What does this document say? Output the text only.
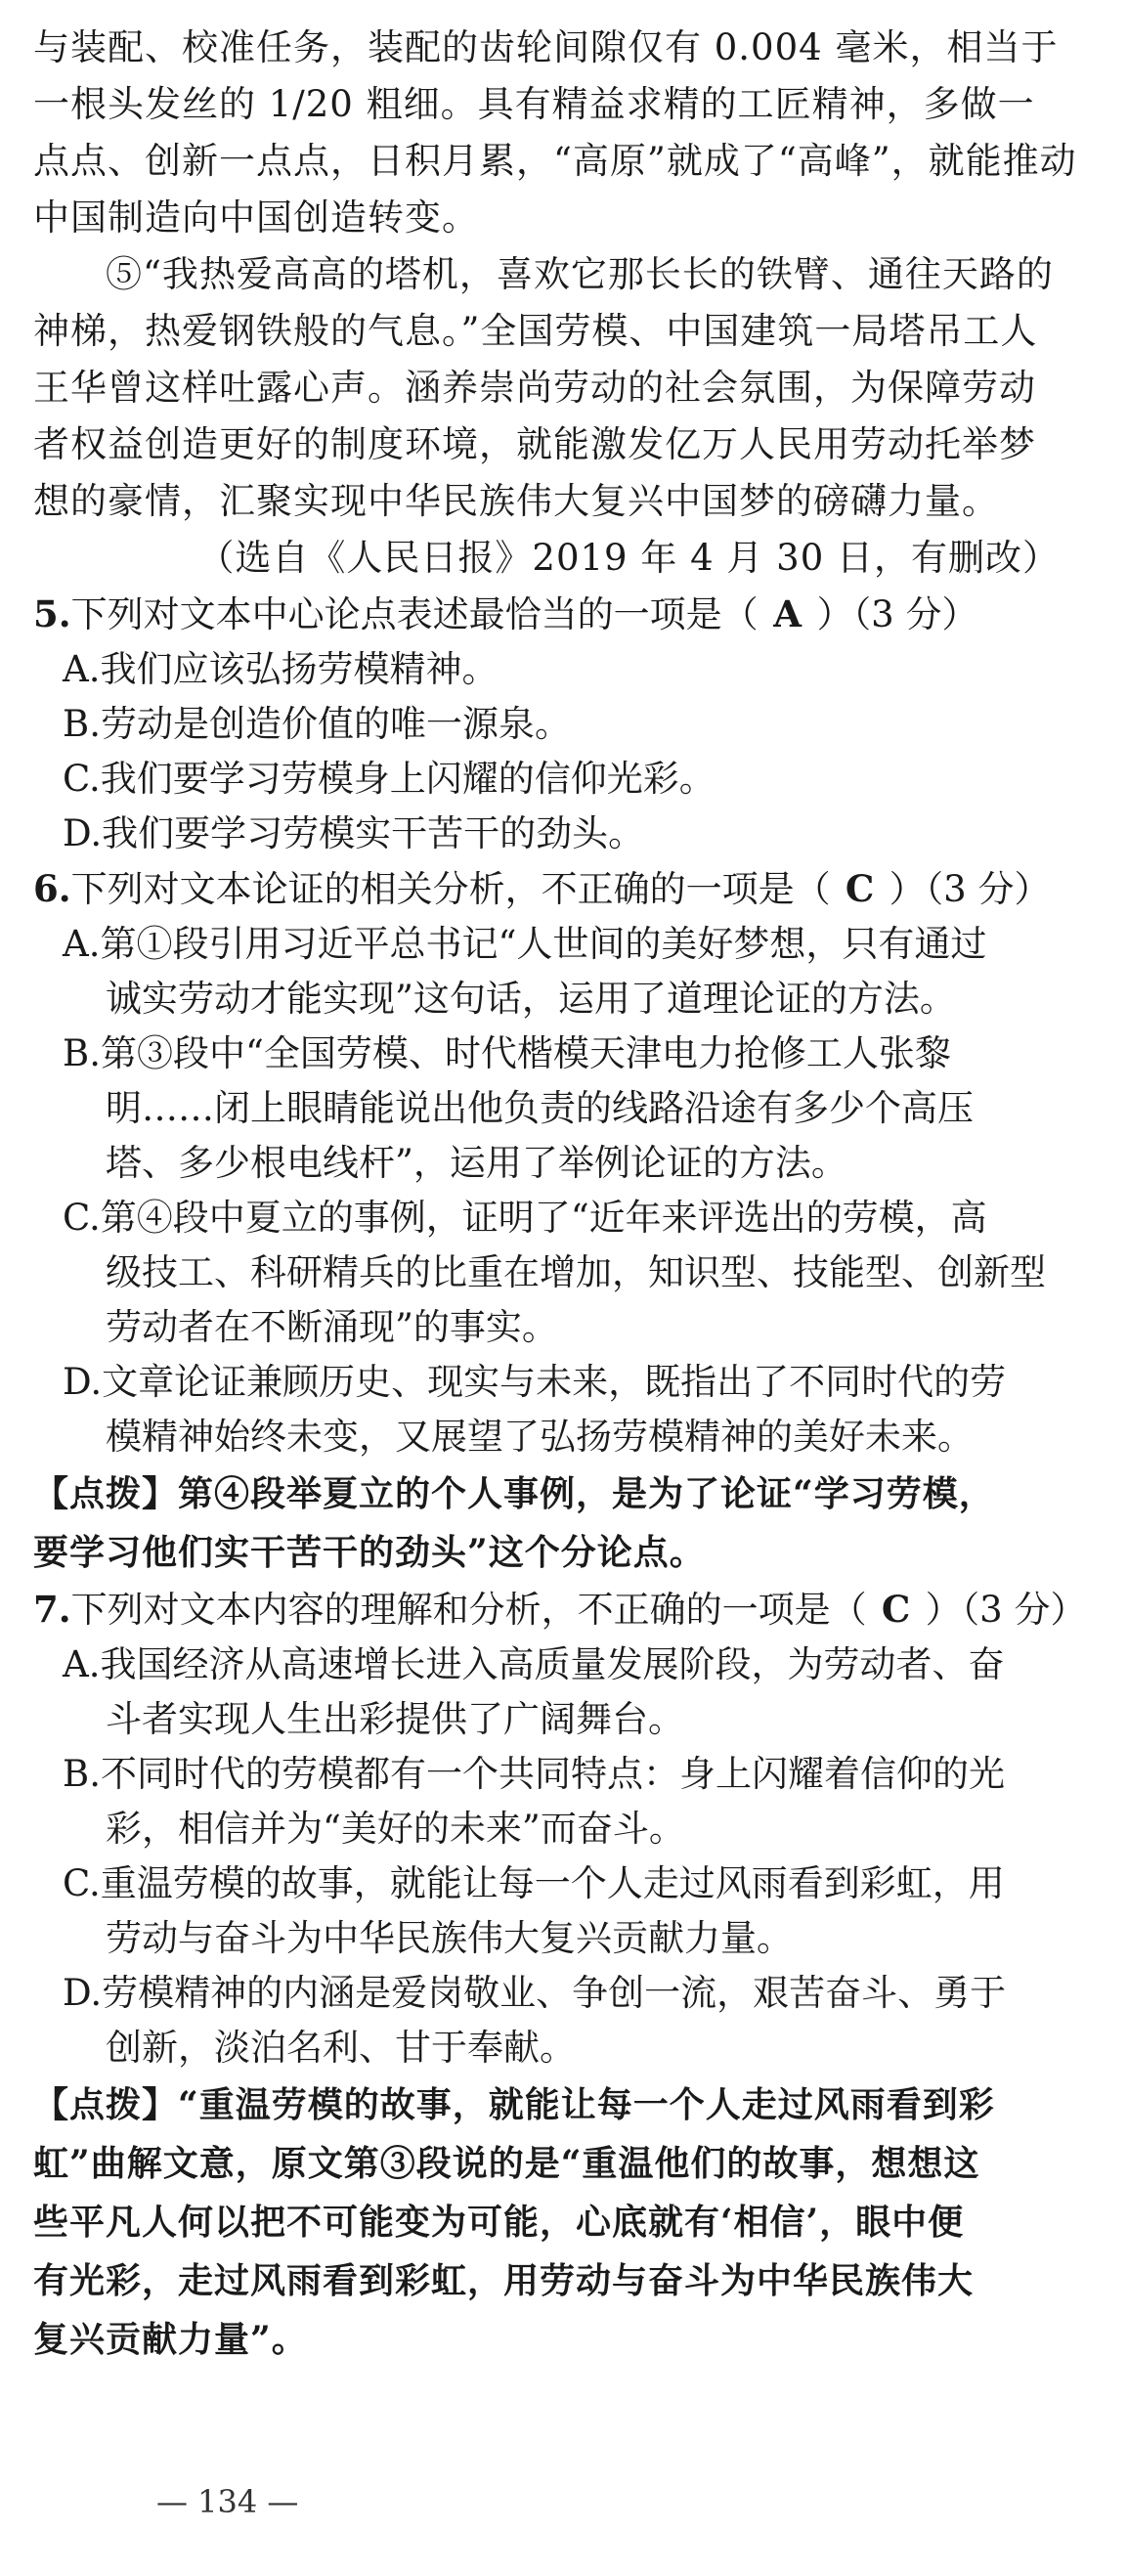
与装配、校准任务，装配的齿轮间隙仅有 0.004 毫米，相当于
一根头发丝的 1/20 粗细。具有精益求精的工匠精神，多做一
点点、创新一点点，日积月累，“高原”就成了“高峰”，就能推动
中国制造向中国创造转变。
⑤“我热爱高高的塔机，喜欢它那长长的铁臂、通往天路的
神梯，热爱钢铁般的气息。”全国劳模、中国建筑一局塔吊工人
王华曾这样吐露心声。涵养崇尚劳动的社会氛围，为保障劳动
者权益创造更好的制度环境，就能激发亿万人民用劳动托举梦
想的豪情，汇聚实现中华民族伟大复兴中国梦的磅礴力量。
（选自《人民日报》2019 年 4 月 30 日，有删改）
5.下列对文本中心论点表述最恰当的一项是（ A ）（3 分）
A.我们应该弘扬劳模精神。
B.劳动是创造价值的唯一源泉。
C.我们要学习劳模身上闪耀的信仰光彩。
D.我们要学习劳模实干苦干的劲头。
6.下列对文本论证的相关分析，不正确的一项是（ C ）（3 分）
A.第①段引用习近平总书记“人世间的美好梦想，只有通过
诚实劳动才能实现”这句话，运用了道理论证的方法。
B.第③段中“全国劳模、时代楷模天津电力抢修工人张黎
明……闭上眼睛能说出他负责的线路沿途有多少个高压
塔、多少根电线杆”，运用了举例论证的方法。
C.第④段中夏立的事例，证明了“近年来评选出的劳模，高
级技工、科研精兵的比重在增加，知识型、技能型、创新型
劳动者在不断涌现”的事实。
D.文章论证兼顾历史、现实与未来，既指出了不同时代的劳
模精神始终未变，又展望了弘扬劳模精神的美好未来。
【点拨】第④段举夏立的个人事例，是为了论证“学习劳模，
要学习他们实干苦干的劲头”这个分论点。
7.下列对文本内容的理解和分析，不正确的一项是（ C ）（3 分）
A.我国经济从高速增长进入高质量发展阶段，为劳动者、奋
斗者实现人生出彩提供了广阔舞台。
B.不同时代的劳模都有一个共同特点：身上闪耀着信仰的光
彩，相信并为“美好的未来”而奋斗。
C.重温劳模的故事，就能让每一个人走过风雨看到彩虹，用
劳动与奋斗为中华民族伟大复兴贡献力量。
D.劳模精神的内涵是爱岗敬业、争创一流，艰苦奋斗、勇于
创新，淡泊名利、甘于奉献。
【点拨】“重温劳模的故事，就能让每一个人走过风雨看到彩
虹”曲解文意，原文第③段说的是“重温他们的故事，想想这
些平凡人何以把不可能变为可能，心底就有‘相信’，眼中便
有光彩，走过风雨看到彩虹，用劳动与奋斗为中华民族伟大
复兴贡献力量”。
— 134 —
